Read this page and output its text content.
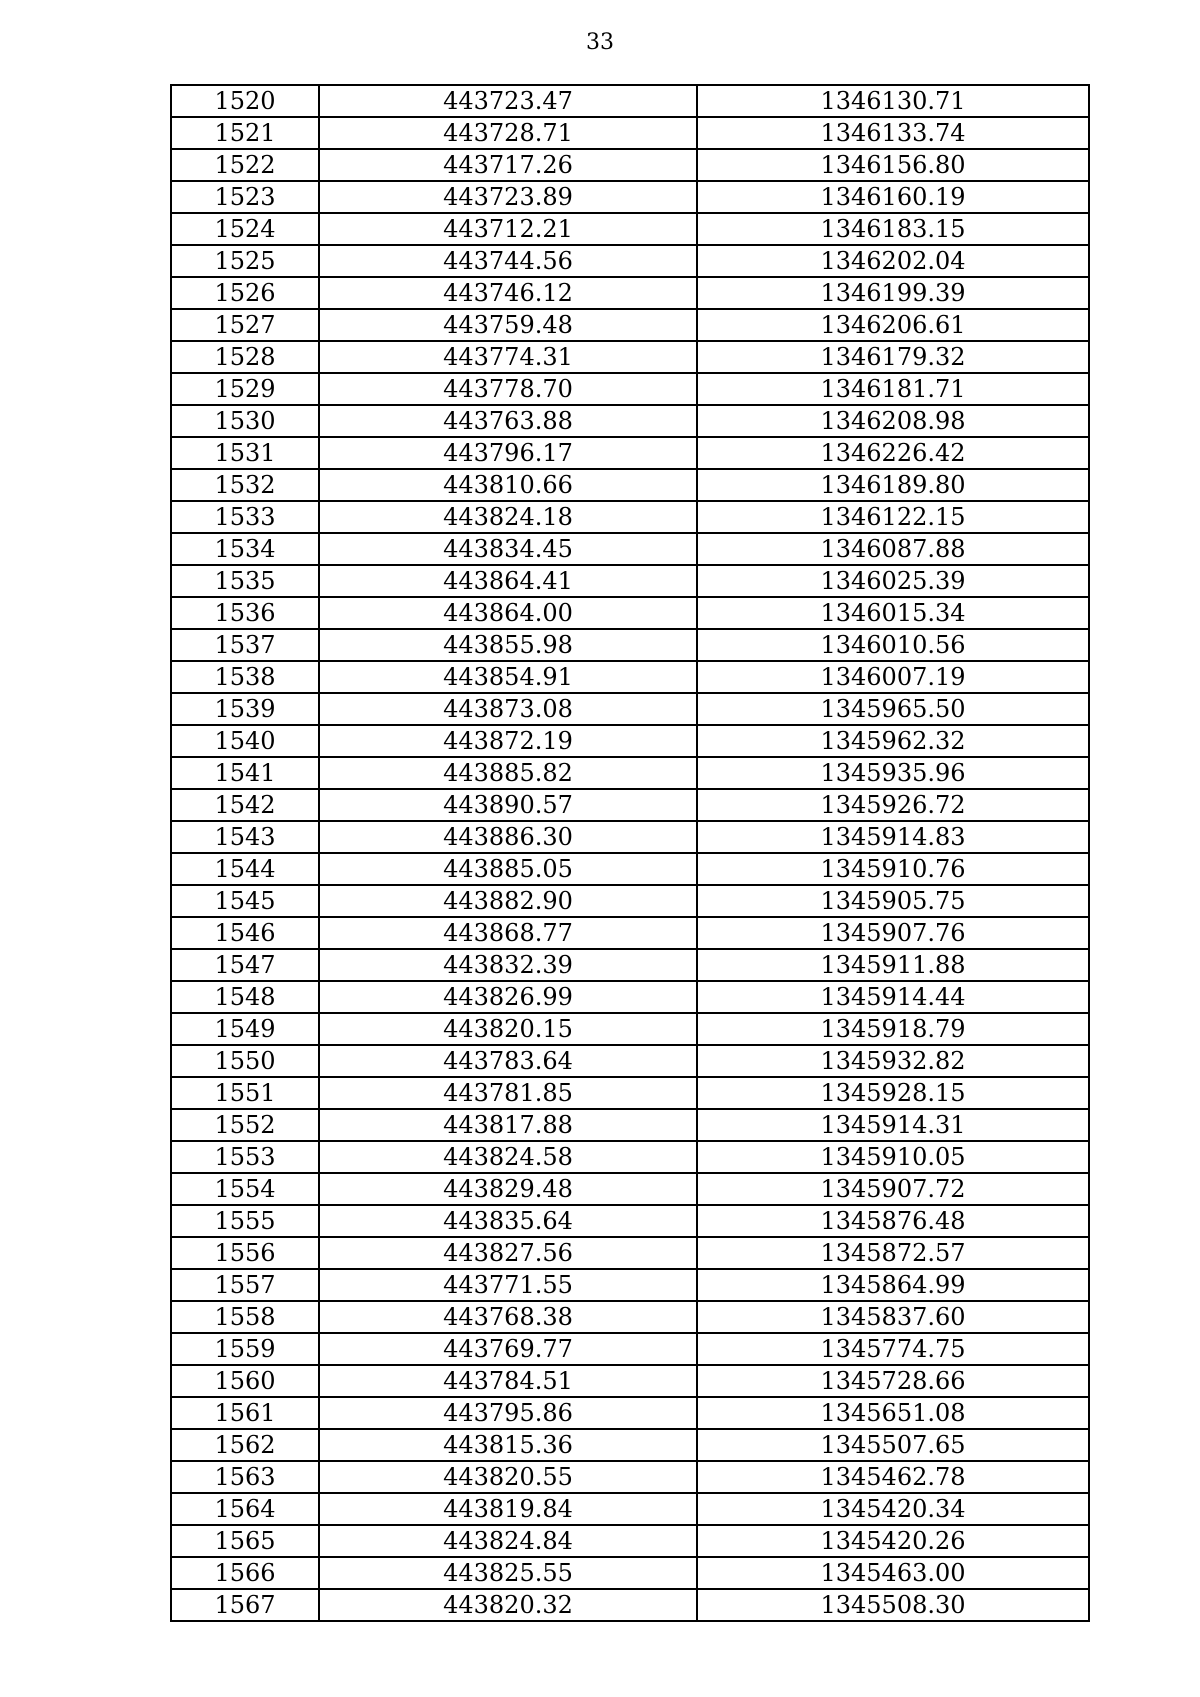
33
1520	443723.47	1346130.71
1521	443728.71	1346133.74
1522	443717.26	1346156.80
1523	443723.89	1346160.19
1524	443712.21	1346183.15
1525	443744.56	1346202.04
1526	443746.12	1346199.39
1527	443759.48	1346206.61
1528	443774.31	1346179.32
1529	443778.70	1346181.71
1530	443763.88	1346208.98
1531	443796.17	1346226.42
1532	443810.66	1346189.80
1533	443824.18	1346122.15
1534	443834.45	1346087.88
1535	443864.41	1346025.39
1536	443864.00	1346015.34
1537	443855.98	1346010.56
1538	443854.91	1346007.19
1539	443873.08	1345965.50
1540	443872.19	1345962.32
1541	443885.82	1345935.96
1542	443890.57	1345926.72
1543	443886.30	1345914.83
1544	443885.05	1345910.76
1545	443882.90	1345905.75
1546	443868.77	1345907.76
1547	443832.39	1345911.88
1548	443826.99	1345914.44
1549	443820.15	1345918.79
1550	443783.64	1345932.82
1551	443781.85	1345928.15
1552	443817.88	1345914.31
1553	443824.58	1345910.05
1554	443829.48	1345907.72
1555	443835.64	1345876.48
1556	443827.56	1345872.57
1557	443771.55	1345864.99
1558	443768.38	1345837.60
1559	443769.77	1345774.75
1560	443784.51	1345728.66
1561	443795.86	1345651.08
1562	443815.36	1345507.65
1563	443820.55	1345462.78
1564	443819.84	1345420.34
1565	443824.84	1345420.26
1566	443825.55	1345463.00
1567	443820.32	1345508.30
